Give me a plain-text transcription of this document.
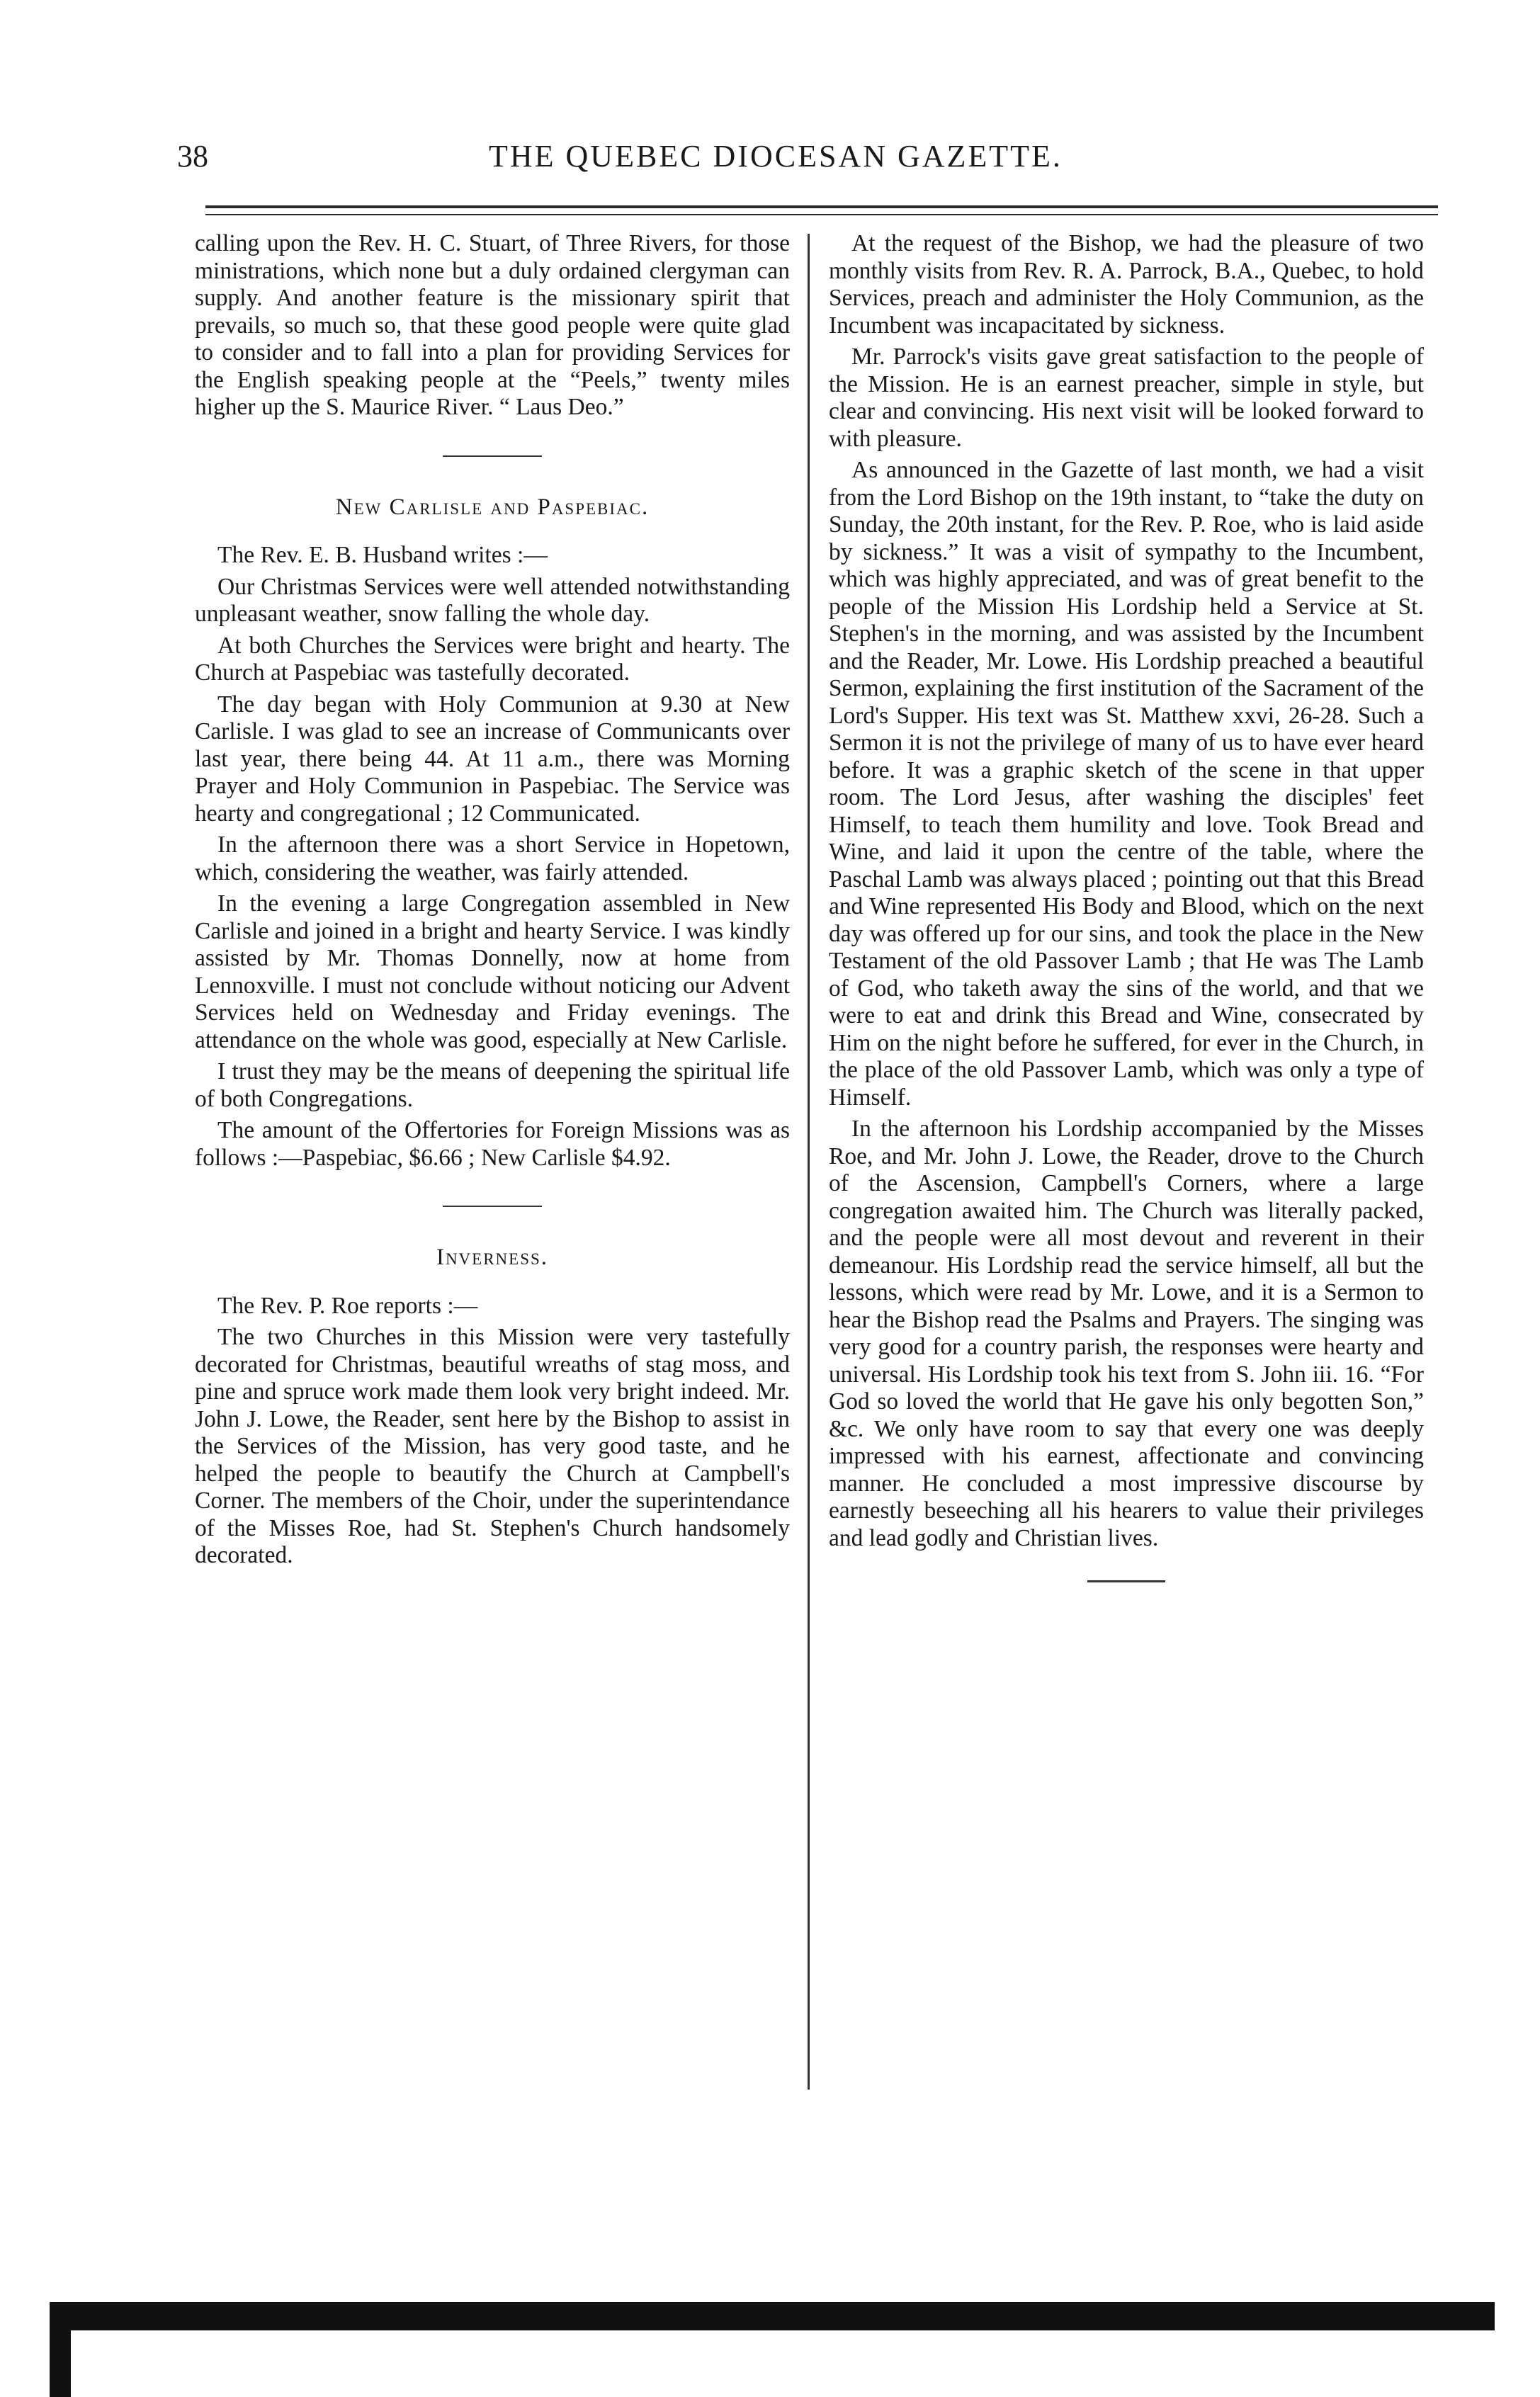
38	THE QUEBEC DIOCESAN GAZETTE.

calling upon the Rev. H. C. Stuart, of Three Rivers, for those ministrations, which none but a duly ordained clergyman can supply. And another feature is the missionary spirit that prevails, so much so, that these good people were quite glad to consider and to fall into a plan for providing Services for the English speaking people at the “Peels,” twenty miles higher up the S. Maurice River. “ Laus Deo.”

New Carlisle and Paspebiac.

The Rev. E. B. Husband writes :—

Our Christmas Services were well attended notwithstanding unpleasant weather, snow falling the whole day.

At both Churches the Services were bright and hearty. The Church at Paspebiac was tastefully decorated.

The day began with Holy Communion at 9.30 at New Carlisle. I was glad to see an increase of Communicants over last year, there being 44. At 11 a.m., there was Morning Prayer and Holy Communion in Paspebiac. The Service was hearty and congregational ; 12 Communicated.

In the afternoon there was a short Service in Hopetown, which, considering the weather, was fairly attended.

In the evening a large Congregation assembled in New Carlisle and joined in a bright and hearty Service. I was kindly assisted by Mr. Thomas Donnelly, now at home from Lennoxville. I must not conclude without noticing our Advent Services held on Wednesday and Friday evenings. The attendance on the whole was good, especially at New Carlisle.

I trust they may be the means of deepening the spiritual life of both Congregations.

The amount of the Offertories for Foreign Missions was as follows :—Paspebiac, $6.66 ; New Carlisle $4.92.

Inverness.

The Rev. P. Roe reports :—

The two Churches in this Mission were very tastefully decorated for Christmas, beautiful wreaths of stag moss, and pine and spruce work made them look very bright indeed. Mr. John J. Lowe, the Reader, sent here by the Bishop to assist in the Services of the Mission, has very good taste, and he helped the people to beautify the Church at Campbell's Corner. The members of the Choir, under the superintendance of the Misses Roe, had St. Stephen's Church handsomely decorated.

At the request of the Bishop, we had the pleasure of two monthly visits from Rev. R. A. Parrock, B.A., Quebec, to hold Services, preach and administer the Holy Communion, as the Incumbent was incapacitated by sickness.

Mr. Parrock's visits gave great satisfaction to the people of the Mission. He is an earnest preacher, simple in style, but clear and convincing. His next visit will be looked forward to with pleasure.

As announced in the Gazette of last month, we had a visit from the Lord Bishop on the 19th instant, to “take the duty on Sunday, the 20th instant, for the Rev. P. Roe, who is laid aside by sickness.” It was a visit of sympathy to the Incumbent, which was highly appreciated, and was of great benefit to the people of the Mission His Lordship held a Service at St. Stephen's in the morning, and was assisted by the Incumbent and the Reader, Mr. Lowe. His Lordship preached a beautiful Sermon, explaining the first institution of the Sacrament of the Lord's Supper. His text was St. Matthew xxvi, 26-28. Such a Sermon it is not the privilege of many of us to have ever heard before. It was a graphic sketch of the scene in that upper room. The Lord Jesus, after washing the disciples' feet Himself, to teach them humility and love. Took Bread and Wine, and laid it upon the centre of the table, where the Paschal Lamb was always placed ; pointing out that this Bread and Wine represented His Body and Blood, which on the next day was offered up for our sins, and took the place in the New Testament of the old Passover Lamb ; that He was The Lamb of God, who taketh away the sins of the world, and that we were to eat and drink this Bread and Wine, consecrated by Him on the night before he suffered, for ever in the Church, in the place of the old Passover Lamb, which was only a type of Himself.

In the afternoon his Lordship accompanied by the Misses Roe, and Mr. John J. Lowe, the Reader, drove to the Church of the Ascension, Campbell's Corners, where a large congregation awaited him. The Church was literally packed, and the people were all most devout and reverent in their demeanour. His Lordship read the service himself, all but the lessons, which were read by Mr. Lowe, and it is a Sermon to hear the Bishop read the Psalms and Prayers. The singing was very good for a country parish, the responses were hearty and universal. His Lordship took his text from S. John iii. 16. “For God so loved the world that He gave his only begotten Son,” &c. We only have room to say that every one was deeply impressed with his earnest, affectionate and convincing manner. He concluded a most impressive discourse by earnestly beseeching all his hearers to value their privileges and lead godly and Christian lives.
